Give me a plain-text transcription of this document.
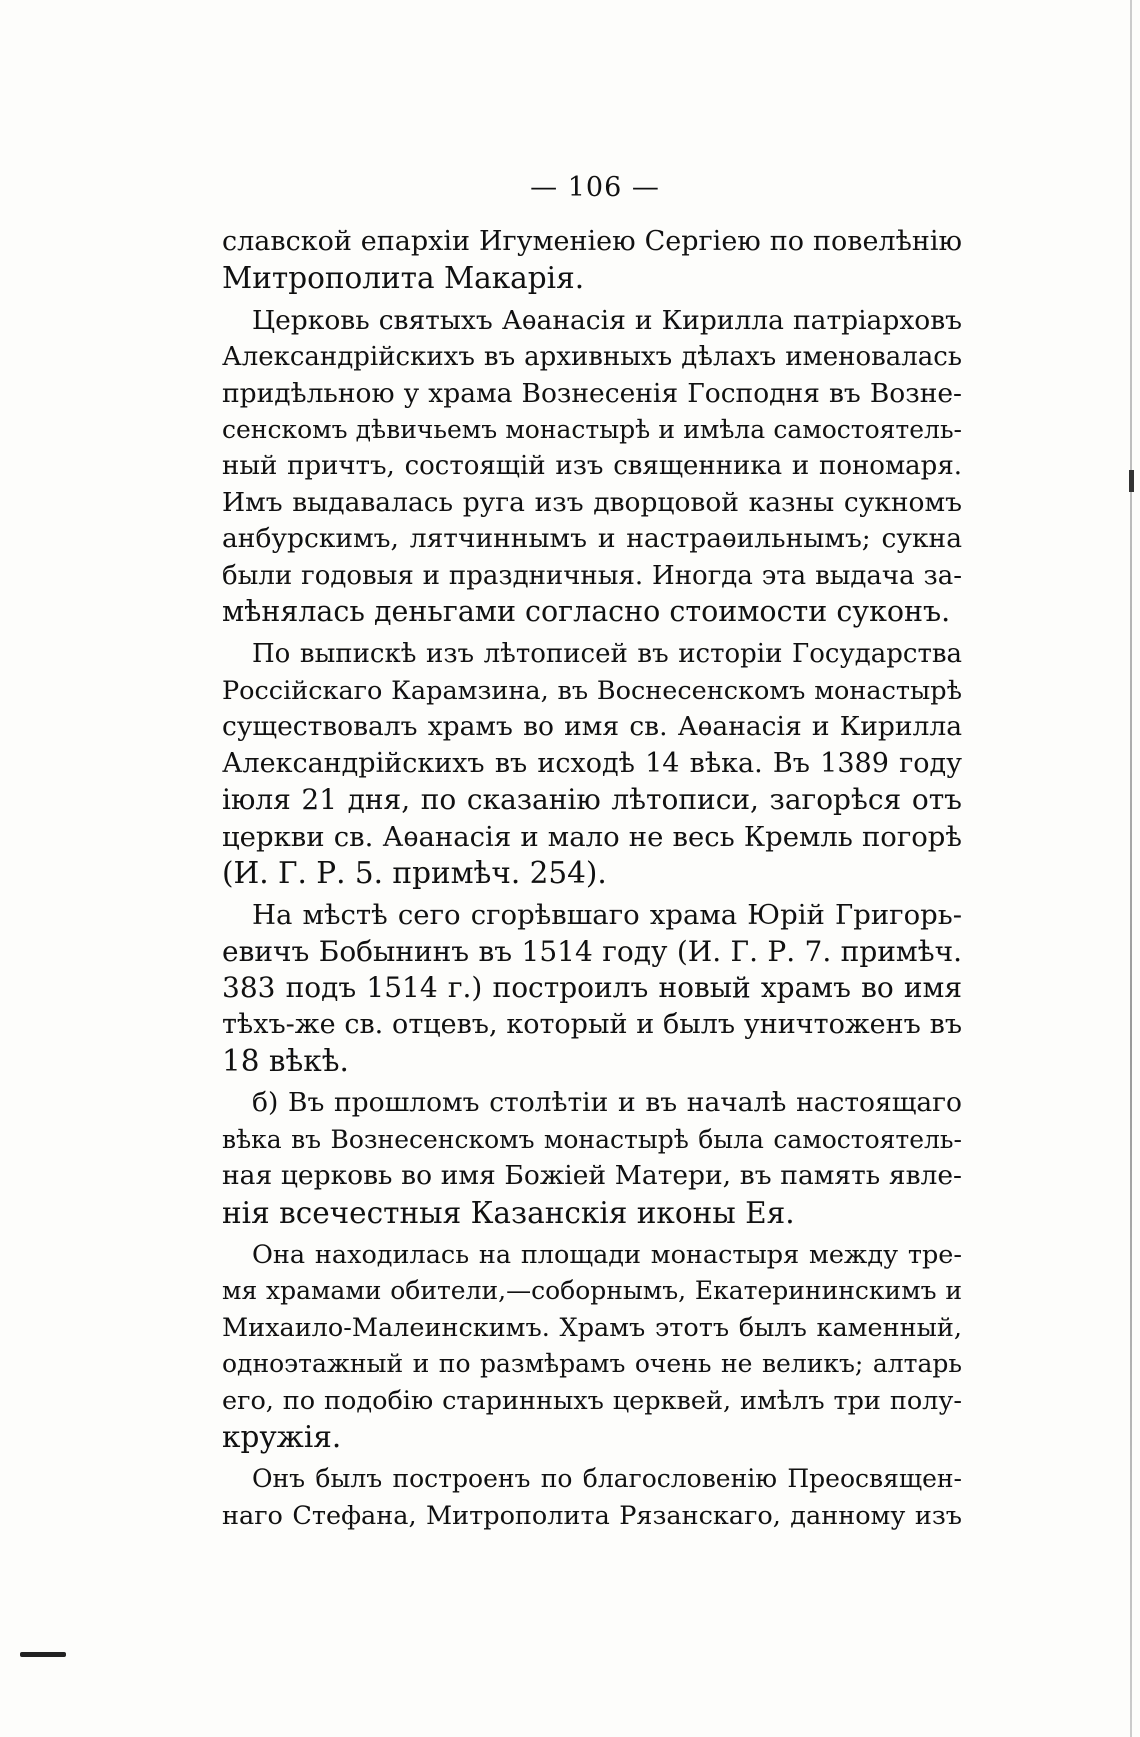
— 106 —
славской епархіи Игуменіею Сергіею по повелѣнію
Митрополита Макарія.
Церковь святыхъ Аѳанасія и Кирилла патріарховъ
Александрійскихъ въ архивныхъ дѣлахъ именовалась
придѣльною у храма Вознесенія Господня въ Возне-
сенскомъ дѣвичьемъ монастырѣ и имѣла самостоятель-
ный причтъ, состоящій изъ священника и пономаря.
Имъ выдавалась руга изъ дворцовой казны сукномъ
анбурскимъ, лятчиннымъ и настраѳильнымъ; сукна
были годовыя и праздничныя. Иногда эта выдача за-
мѣнялась деньгами согласно стоимости суконъ.
По выпискѣ изъ лѣтописей въ исторіи Государства
Россійскаго Карамзина, въ Воснесенскомъ монастырѣ
существовалъ храмъ во имя св. Аѳанасія и Кирилла
Александрійскихъ въ исходѣ 14 вѣка. Въ 1389 году
іюля 21 дня, по сказанію лѣтописи, загорѣся отъ
церкви св. Аѳанасія и мало не весь Кремль погорѣ
(И. Г. Р. 5. примѣч. 254).
На мѣстѣ сего сгорѣвшаго храма Юрій Григорь-
евичъ Бобынинъ въ 1514 году (И. Г. Р. 7. примѣч.
383 подъ 1514 г.) построилъ новый храмъ во имя
тѣхъ-же св. отцевъ, который и былъ уничтоженъ въ
18 вѣкѣ.
б) Въ прошломъ столѣтіи и въ началѣ настоящаго
вѣка въ Вознесенскомъ монастырѣ была самостоятель-
ная церковь во имя Божіей Матери, въ память явле-
нія всечестныя Казанскія иконы Ея.
Она находилась на площади монастыря между тре-
мя храмами обители,—соборнымъ, Екатерининскимъ и
Михаило-Малеинскимъ. Храмъ этотъ былъ каменный,
одноэтажный и по размѣрамъ очень не великъ; алтарь
его, по подобію старинныхъ церквей, имѣлъ три полу-
кружія.
Онъ былъ построенъ по благословенію Преосвящен-
наго Стефана, Митрополита Рязанскаго, данному изъ
